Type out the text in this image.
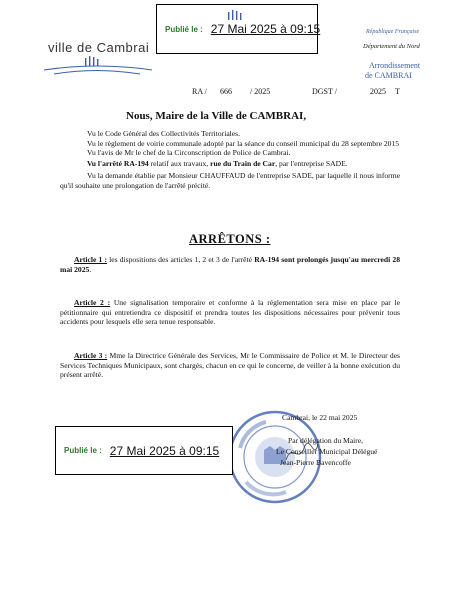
Publié le : 27 Mai 2025 à 09:15
ville de Cambrai
République Française
Département du Nord
Arrondissement
de CAMBRAI
RA / 666 / 2025	DGST /	2025 T
Nous, Maire de la Ville de CAMBRAI,
Vu le Code Général des Collectivités Territoriales.
Vu le règlement de voirie communale adopté par la séance du conseil municipal du 28 septembre 2015
Vu l'avis de Mr le chef de la Circonscription de Police de Cambrai.
Vu l'arrêté RA-194 relatif aux travaux, rue du Train de Car, par l'entreprise SADE.
Vu la demande établie par Monsieur CHAUFFAUD de l'entreprise SADE, par laquelle il nous informe qu'il souhaite une prolongation de l'arrêté précité.
ARRÊTONS :
Article 1 : les dispositions des articles 1, 2 et 3 de l'arrêté RA-194 sont prolongés jusqu'au mercredi 28 mai 2025.
Article 2 : Une signalisation temporaire et conforme à la réglementation sera mise en place par le pétitionnaire qui entretiendra ce dispositif et prendra toutes les dispositions nécessaires pour prévenir tous accidents pour lesquels elle sera tenue responsable.
Article 3 : Mme la Directrice Générale des Services, Mr le Commissaire de Police et M. le Directeur des Services Techniques Municipaux, sont chargés, chacun en ce qui le concerne, de veiller à la bonne exécution du présent arrêté.
Cambrai, le 22 mai 2025
Par délégation du Maire,
Le Conseiller Municipal Délégué
Jean-Pierre Bavencoffe
Publié le : 27 Mai 2025 à 09:15
